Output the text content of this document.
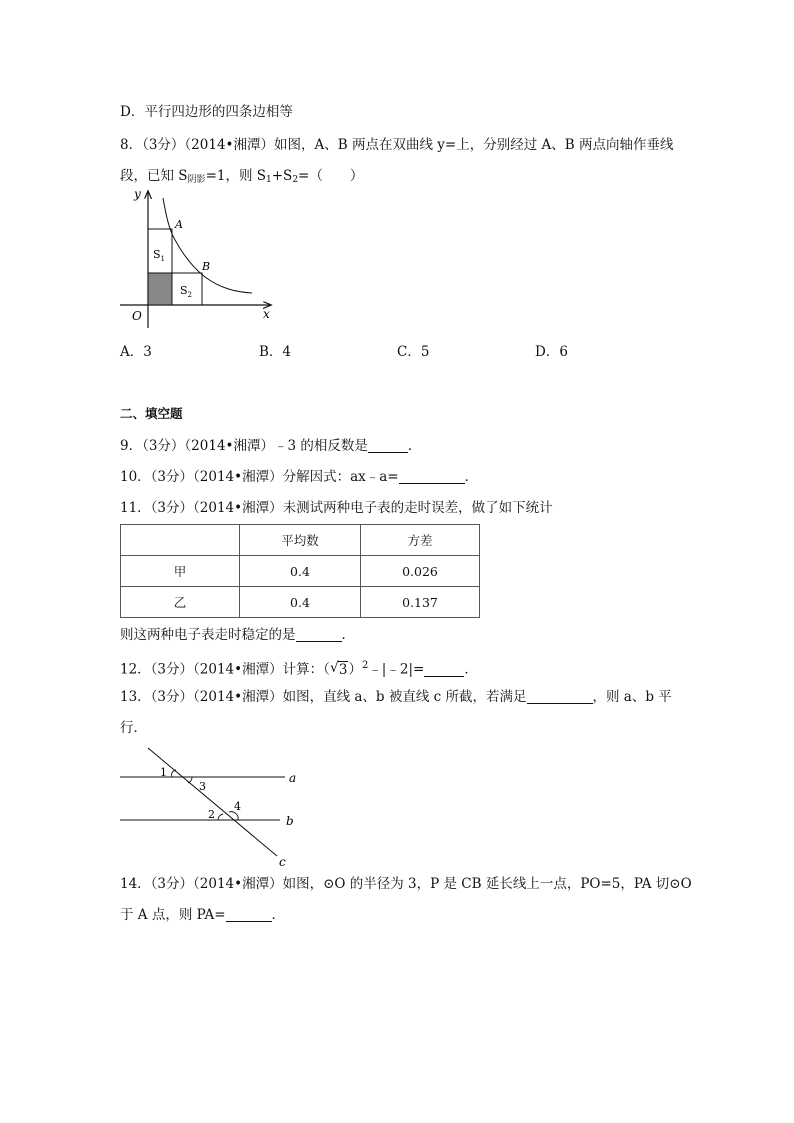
D．平行四边形的四条边相等
8．（3分）（2014•湘潭）如图，A、B 两点在双曲线 y=上，分别经过 A、B 两点向轴作垂线
段，已知 $S_{阴影}=1$，则 $S_1+S_2=$（　　）
y
x
O
A
B
$S_1$
$S_2$
A．3	B．4	C．5	D．6
二、填空题
9．（3分）（2014•湘潭）﹣3 的相反数是	．
10．（3分）（2014•湘潭）分解因式：ax﹣a=	．
11．（3分）（2014•湘潭）未测试两种电子表的走时误差，做了如下统计
	平均数	方差
甲	0.4	0.026
乙	0.4	0.137
则这两种电子表走时稳定的是	．
12．（3分）（2014•湘潭）计算：（ √ 3）$^2$﹣|﹣2|=	．
13．（3分）（2014•湘潭）如图，直线 a、b 被直线 c 所截，若满足	，则 a、b 平
行．
1
3
2
4
a
b
c
14．（3分）（2014•湘潭）如图，⊙O 的半径为 3，P 是 CB 延长线上一点，PO=5，PA 切⊙O
于 A 点，则 PA=	．
